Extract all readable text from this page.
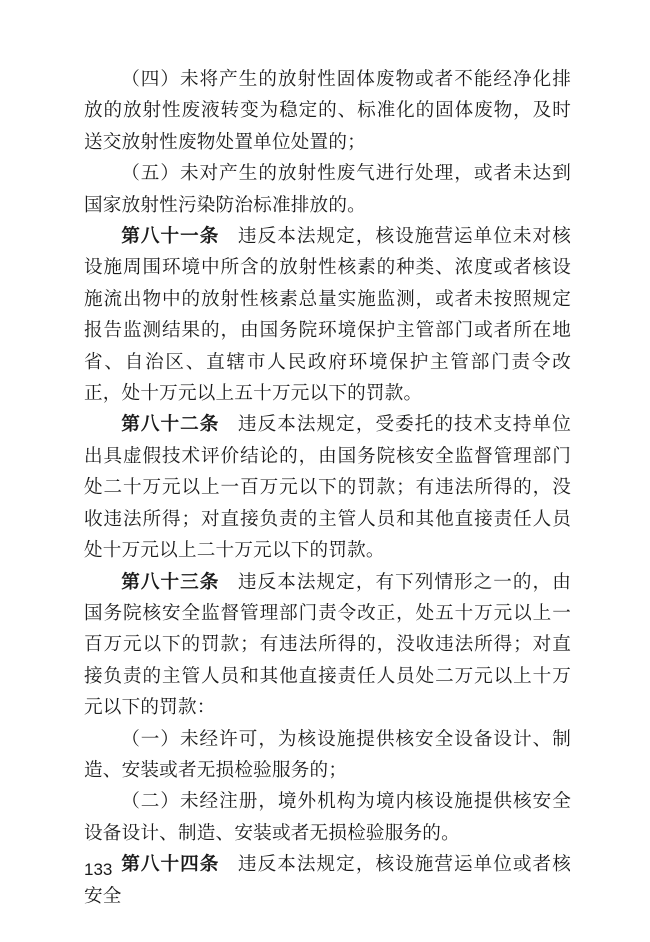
（四）未将产生的放射性固体废物或者不能经净化排放的放射性废液转变为稳定的、标准化的固体废物，及时送交放射性废物处置单位处置的；

（五）未对产生的放射性废气进行处理，或者未达到国家放射性污染防治标准排放的。

第八十一条 违反本法规定，核设施营运单位未对核设施周围环境中所含的放射性核素的种类、浓度或者核设施流出物中的放射性核素总量实施监测，或者未按照规定报告监测结果的，由国务院环境保护主管部门或者所在地省、自治区、直辖市人民政府环境保护主管部门责令改正，处十万元以上五十万元以下的罚款。

第八十二条 违反本法规定，受委托的技术支持单位出具虚假技术评价结论的，由国务院核安全监督管理部门处二十万元以上一百万元以下的罚款；有违法所得的，没收违法所得；对直接负责的主管人员和其他直接责任人员处十万元以上二十万元以下的罚款。

第八十三条 违反本法规定，有下列情形之一的，由国务院核安全监督管理部门责令改正，处五十万元以上一百万元以下的罚款；有违法所得的，没收违法所得；对直接负责的主管人员和其他直接责任人员处二万元以上十万元以下的罚款：

（一）未经许可，为核设施提供核安全设备设计、制造、安装或者无损检验服务的；

（二）未经注册，境外机构为境内核设施提供核安全设备设计、制造、安装或者无损检验服务的。

第八十四条 违反本法规定，核设施营运单位或者核安全

133
